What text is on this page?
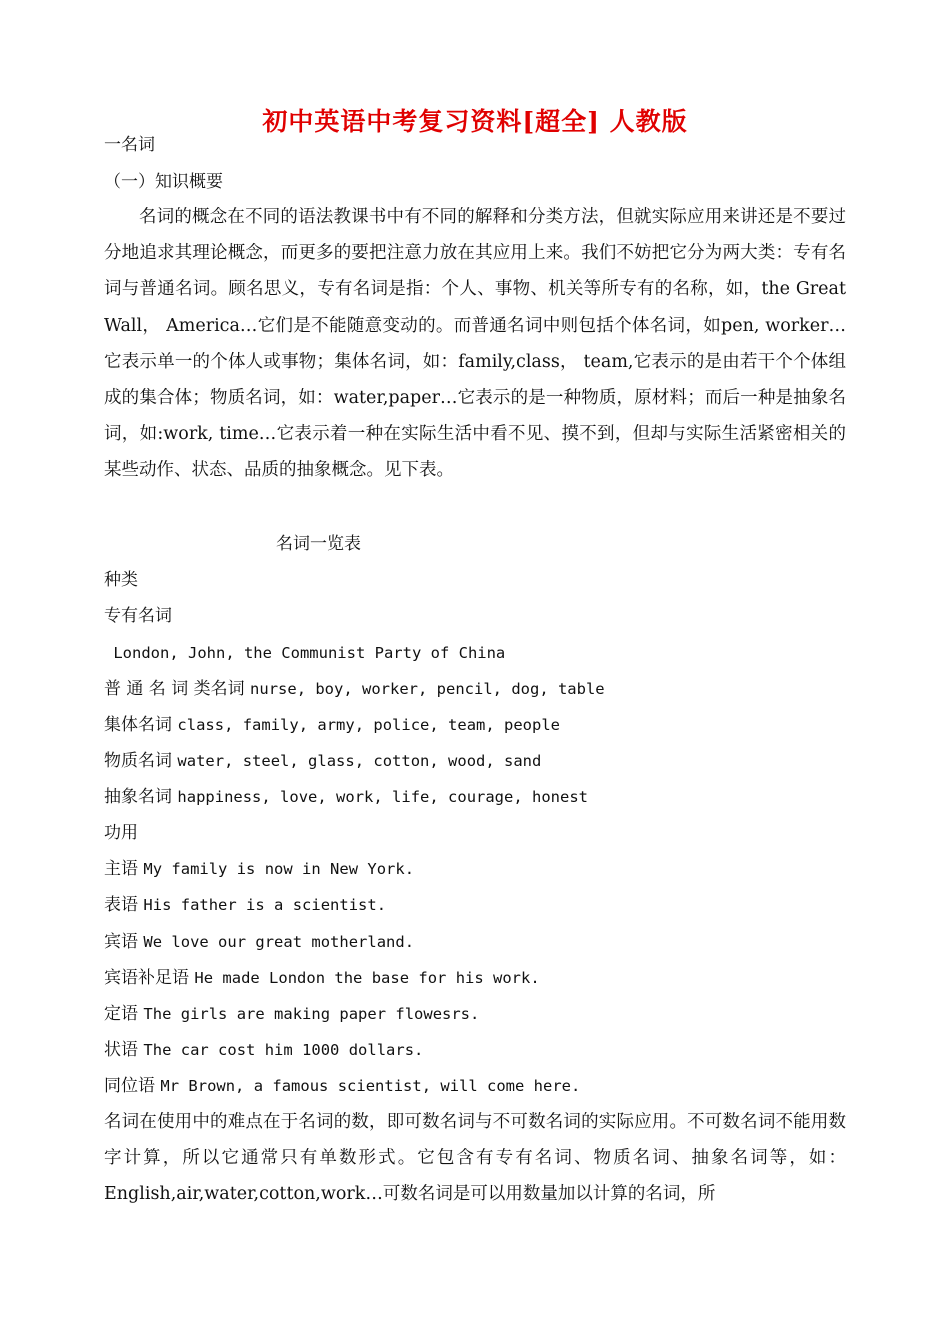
初中英语中考复习资料[超全] 人教版
一名词
（一）知识概要
名词的概念在不同的语法教课书中有不同的解释和分类方法，但就实际应用来讲还是不要过分地追求其理论概念，而更多的要把注意力放在其应用上来。我们不妨把它分为两大类：专有名词与普通名词。顾名思义，专有名词是指：个人、事物、机关等所专有的名称，如，the Great Wall， America…它们是不能随意变动的。而普通名词中则包括个体名词，如pen, worker…它表示单一的个体人或事物；集体名词，如：family,class， team,它表示的是由若干个个体组成的集合体；物质名词，如：water,paper…它表示的是一种物质，原材料；而后一种是抽象名词，如:work, time…它表示着一种在实际生活中看不见、摸不到，但却与实际生活紧密相关的某些动作、状态、品质的抽象概念。见下表。
名词一览表
种类
专有名词
London, John, the Communist Party of China
普 通 名 词 类名词 nurse, boy, worker, pencil, dog, table
集体名词 class, family, army, police, team, people
物质名词 water, steel, glass, cotton, wood, sand
抽象名词 happiness, love, work, life, courage, honest
功用
主语 My family is now in New York.
表语 His father is a scientist.
宾语 We love our great motherland.
宾语补足语 He made London the base for his work.
定语 The girls are making paper flowesrs.
状语 The car cost him 1000 dollars.
同位语 Mr Brown, a famous scientist, will come here.
名词在使用中的难点在于名词的数，即可数名词与不可数名词的实际应用。不可数名词不能用数字计算，所以它通常只有单数形式。它包含有专有名词、物质名词、抽象名词等，如：English,air,water,cotton,work…可数名词是可以用数量加以计算的名词，所
